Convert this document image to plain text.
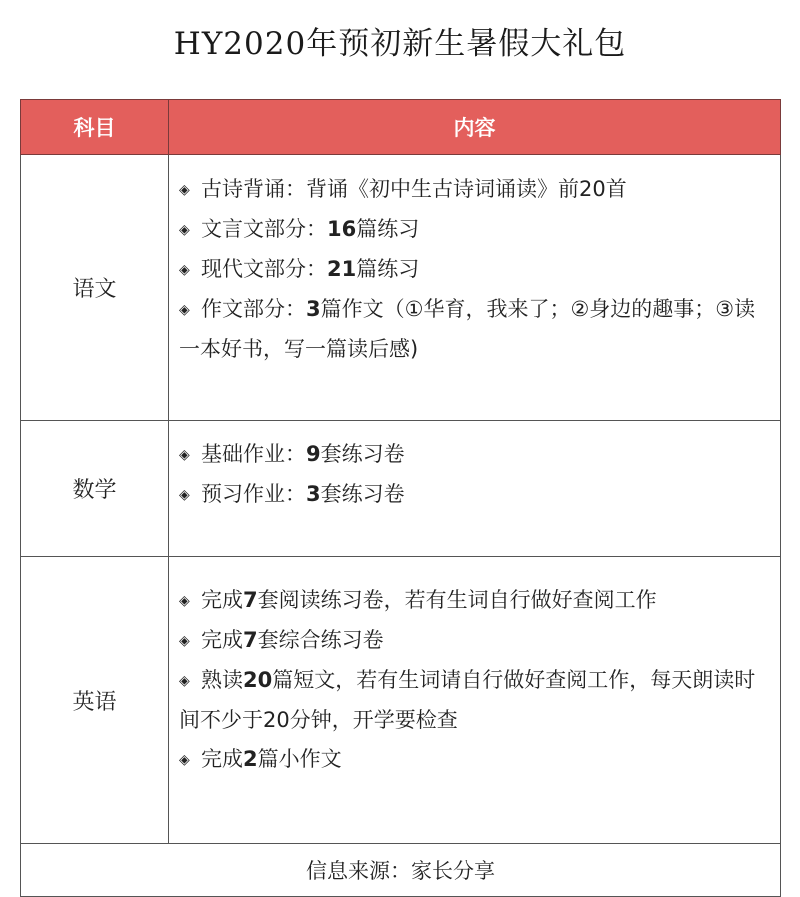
HY2020年预初新生暑假大礼包
科目	内容
语文	◈ 古诗背诵：背诵《初中生古诗词诵读》前20首
◈ 文言文部分：16篇练习
◈ 现代文部分：21篇练习
◈ 作文部分：3篇作文（①华育，我来了；②身边的趣事；③读一本好书，写一篇读后感)

数学	◈ 基础作业：9套练习卷
◈ 预习作业：3套练习卷

英语	◈ 完成7套阅读练习卷，若有生词自行做好查阅工作
◈ 完成7套综合练习卷
◈ 熟读20篇短文，若有生词请自行做好查阅工作，每天朗读时间不少于20分钟，开学要检查
◈ 完成2篇小作文

信息来源：家长分享	
